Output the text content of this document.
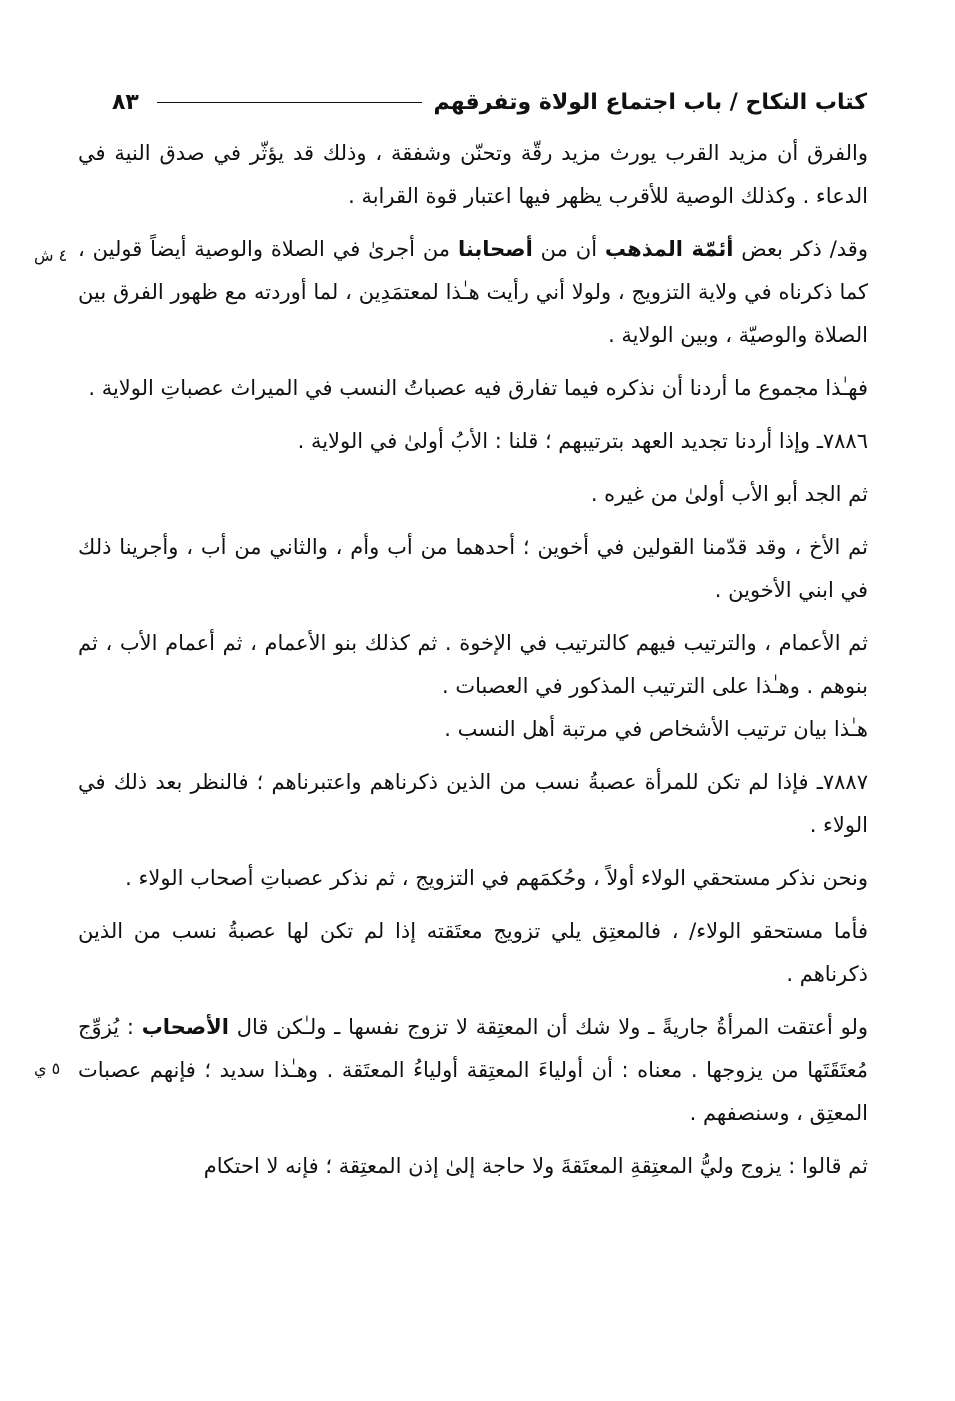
كتاب النكاح / باب اجتماع الولاة وتفرقهم
٨٣
٤ ش
٥ ي

والفرق أن مزيد القرب يورث مزيد رقّة وتحنّن وشفقة ، وذلك قد يؤثّر في صدق النية في الدعاء . وكذلك الوصية للأقرب يظهر فيها اعتبار قوة القرابة .

وقد/ ذكر بعض أئمّة المذهب أن من أصحابنا من أجرىٰ في الصلاة والوصية أيضاً قولين ، كما ذكرناه في ولاية التزويج ، ولولا أني رأيت هـٰذا لمعتمَدِين ، لما أوردته مع ظهور الفرق بين الصلاة والوصيّة ، وبين الولاية .

فهـٰذا مجموع ما أردنا أن نذكره فيما تفارق فيه عصباتُ النسب في الميراث عصباتِ الولاية .

٧٨٨٦ـ وإذا أردنا تجديد العهد بترتيبهم ؛ قلنا : الأبُ أولىٰ في الولاية .

ثم الجد أبو الأب أولىٰ من غيره .

ثم الأخ ، وقد قدّمنا القولين في أخوين ؛ أحدهما من أب وأم ، والثاني من أب ، وأجرينا ذلك في ابني الأخوين .

ثم الأعمام ، والترتيب فيهم كالترتيب في الإخوة . ثم كذلك بنو الأعمام ، ثم أعمام الأب ، ثم بنوهم . وهـٰذا على الترتيب المذكور في العصبات .

هـٰذا بيان ترتيب الأشخاص في مرتبة أهل النسب .

٧٨٨٧ـ فإذا لم تكن للمرأة عصبةُ نسب من الذين ذكرناهم واعتبرناهم ؛ فالنظر بعد ذلك في الولاء .

ونحن نذكر مستحقي الولاء أولاً ، وحُكمَهم في التزويج ، ثم نذكر عصباتِ أصحاب الولاء .

فأما مستحقو الولاء/ ، فالمعتِق يلي تزويج معتَقته إذا لم تكن لها عصبةُ نسب من الذين ذكرناهم .

ولو أعتقت المرأةُ جاريةً ـ ولا شك أن المعتِقة لا تزوج نفسها ـ ولـٰكن قال الأصحاب : يُزوِّج مُعتَقَتَها من يزوجها . معناه : أن أولياءَ المعتِقة أولياءُ المعتَقة . وهـٰذا سديد ؛ فإنهم عصبات المعتِق ، وسنصفهم .

ثم قالوا : يزوج وليُّ المعتِقةِ المعتَقةَ ولا حاجة إلىٰ إذن المعتِقة ؛ فإنه لا احتكام
